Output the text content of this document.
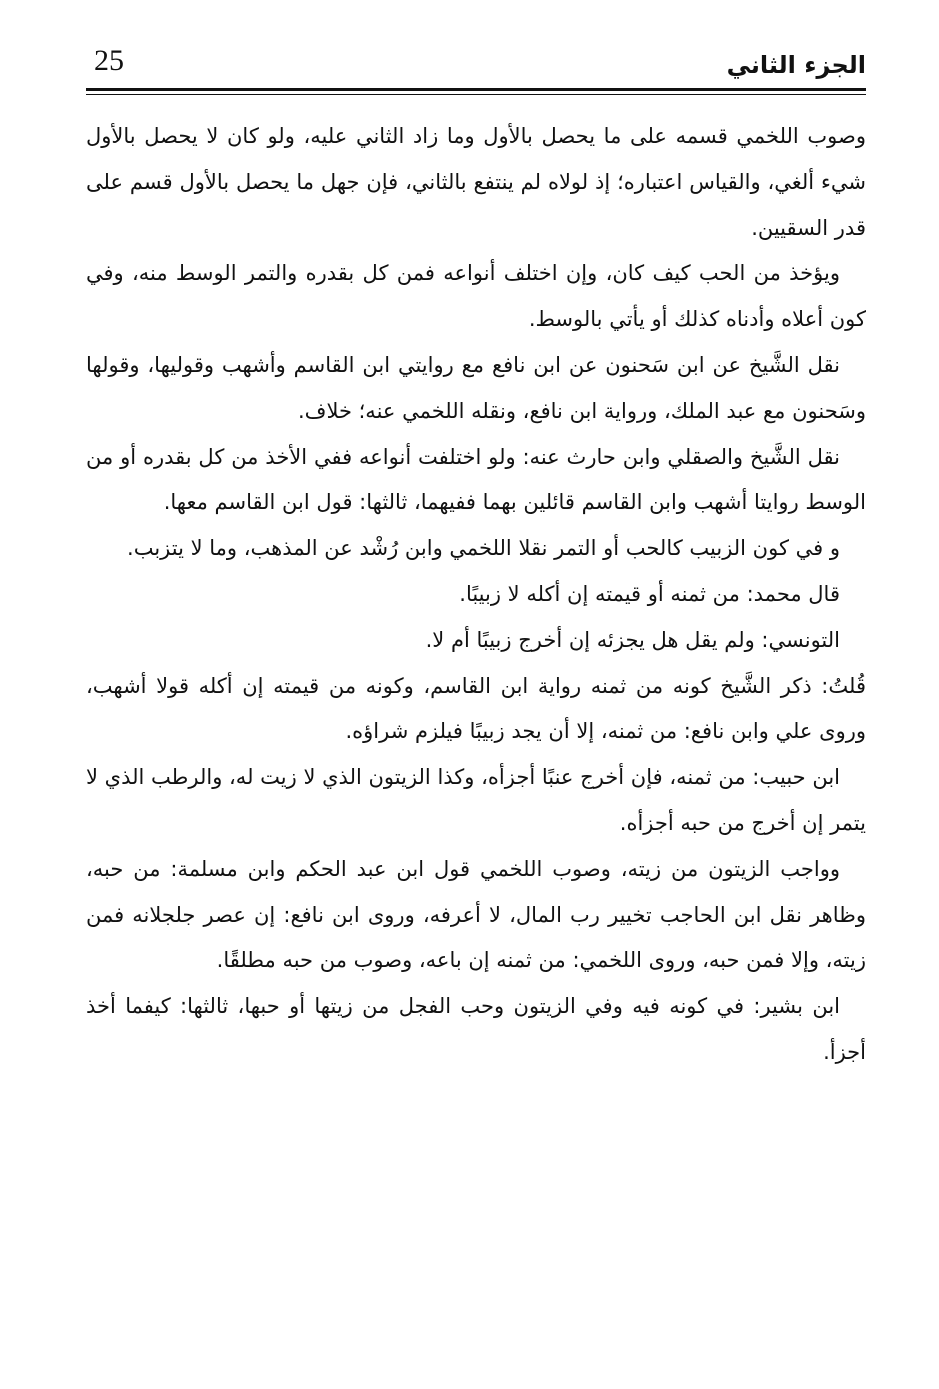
25	الجزء الثاني

وصوب اللخمي قسمه على ما يحصل بالأول وما زاد الثاني عليه، ولو كان لا يحصل بالأول شيء ألغي، والقياس اعتباره؛ إذ لولاه لم ينتفع بالثاني، فإن جهل ما يحصل بالأول قسم على قدر السقيين.

ويؤخذ من الحب كيف كان، وإن اختلف أنواعه فمن كل بقدره والتمر الوسط منه، وفي كون أعلاه وأدناه كذلك أو يأتي بالوسط.

نقل الشَّيخ عن ابن سَحنون عن ابن نافع مع روايتي ابن القاسم وأشهب وقوليها، وقولها وسَحنون مع عبد الملك، ورواية ابن نافع، ونقله اللخمي عنه؛ خلاف.

نقل الشَّيخ والصقلي وابن حارث عنه: ولو اختلفت أنواعه ففي الأخذ من كل بقدره أو من الوسط روايتا أشهب وابن القاسم قائلين بهما ففيهما، ثالثها: قول ابن القاسم معها.

و في كون الزبيب كالحب أو التمر نقلا اللخمي وابن رُشْد عن المذهب، وما لا يتزبب.

قال محمد: من ثمنه أو قيمته إن أكله لا زبيبًا.

التونسي: ولم يقل هل يجزئه إن أخرج زبيبًا أم لا.

قُلتُ: ذكر الشَّيخ كونه من ثمنه رواية ابن القاسم، وكونه من قيمته إن أكله قولا أشهب، وروى علي وابن نافع: من ثمنه، إلا أن يجد زبيبًا فيلزم شراؤه.

ابن حبيب: من ثمنه، فإن أخرج عنبًا أجزأه، وكذا الزيتون الذي لا زيت له، والرطب الذي لا يتمر إن أخرج من حبه أجزأه.

وواجب الزيتون من زيته، وصوب اللخمي قول ابن عبد الحكم وابن مسلمة: من حبه، وظاهر نقل ابن الحاجب تخيير رب المال، لا أعرفه، وروى ابن نافع: إن عصر جلجلانه فمن زيته، وإلا فمن حبه، وروى اللخمي: من ثمنه إن باعه، وصوب من حبه مطلقًا.

ابن بشير: في كونه فيه وفي الزيتون وحب الفجل من زيتها أو حبها، ثالثها: كيفما أخذ أجزأ.
